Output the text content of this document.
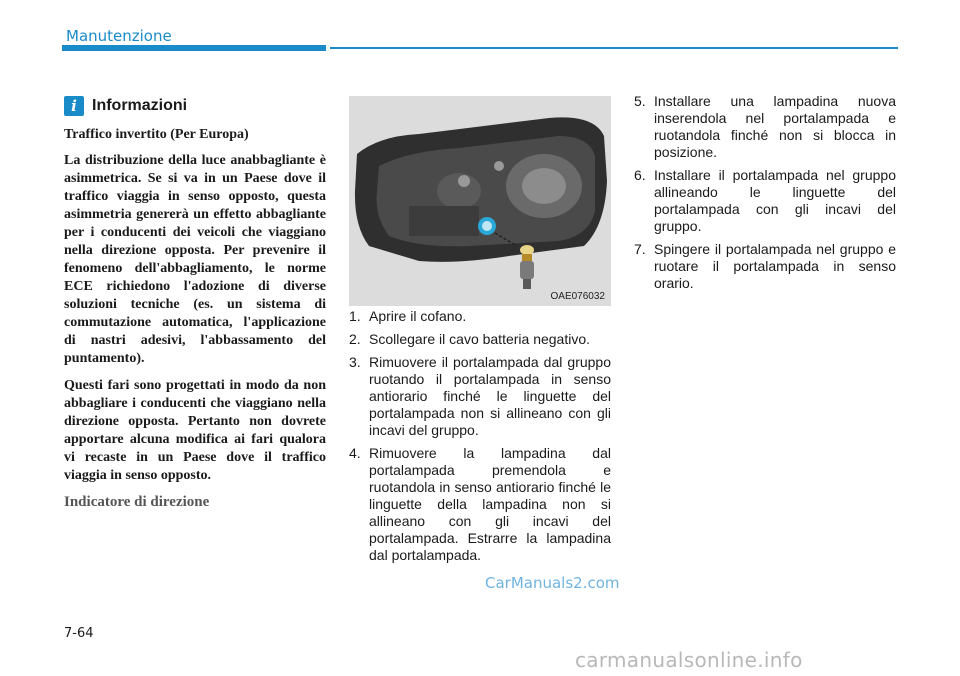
Manutenzione
i Informazioni

Traffico invertito (Per Europa)

La distribuzione della luce anabbagliante è asimmetrica. Se si va in un Paese dove il traffico viaggia in senso opposto, questa asimmetria genererà un effetto abbagliante per i conducenti dei veicoli che viaggiano nella direzione opposta. Per prevenire il fenomeno dell'abbagliamento, le norme ECE richiedono l'adozione di diverse soluzioni tecniche (es. un sistema di commutazione automatica, l'applicazione di nastri adesivi, l'abbassamento del puntamento).

Questi fari sono progettati in modo da non abbagliare i conducenti che viaggiano nella direzione opposta. Pertanto non dovrete apportare alcuna modifica ai fari qualora vi recaste in un Paese dove il traffico viaggia in senso opposto.

Indicatore di direzione
OAE076032
1. Aprire il cofano.
2. Scollegare il cavo batteria negativo.
3. Rimuovere il portalampada dal gruppo ruotando il portalampada in senso antiorario finché le linguette del portalampada non si allineano con gli incavi del gruppo.
4. Rimuovere la lampadina dal portalampada premendola e ruotandola in senso antiorario finché le linguette della lampadina non si allineano con gli incavi del portalampada. Estrarre la lampadina dal portalampada.
5. Installare una lampadina nuova inserendola nel portalampada e ruotandola finché non si blocca in posizione.
6. Installare il portalampada nel gruppo allineando le linguette del portalampada con gli incavi del gruppo.
7. Spingere il portalampada nel gruppo e ruotare il portalampada in senso orario.
CarManuals2.com
7-64
carmanualsonline.info
